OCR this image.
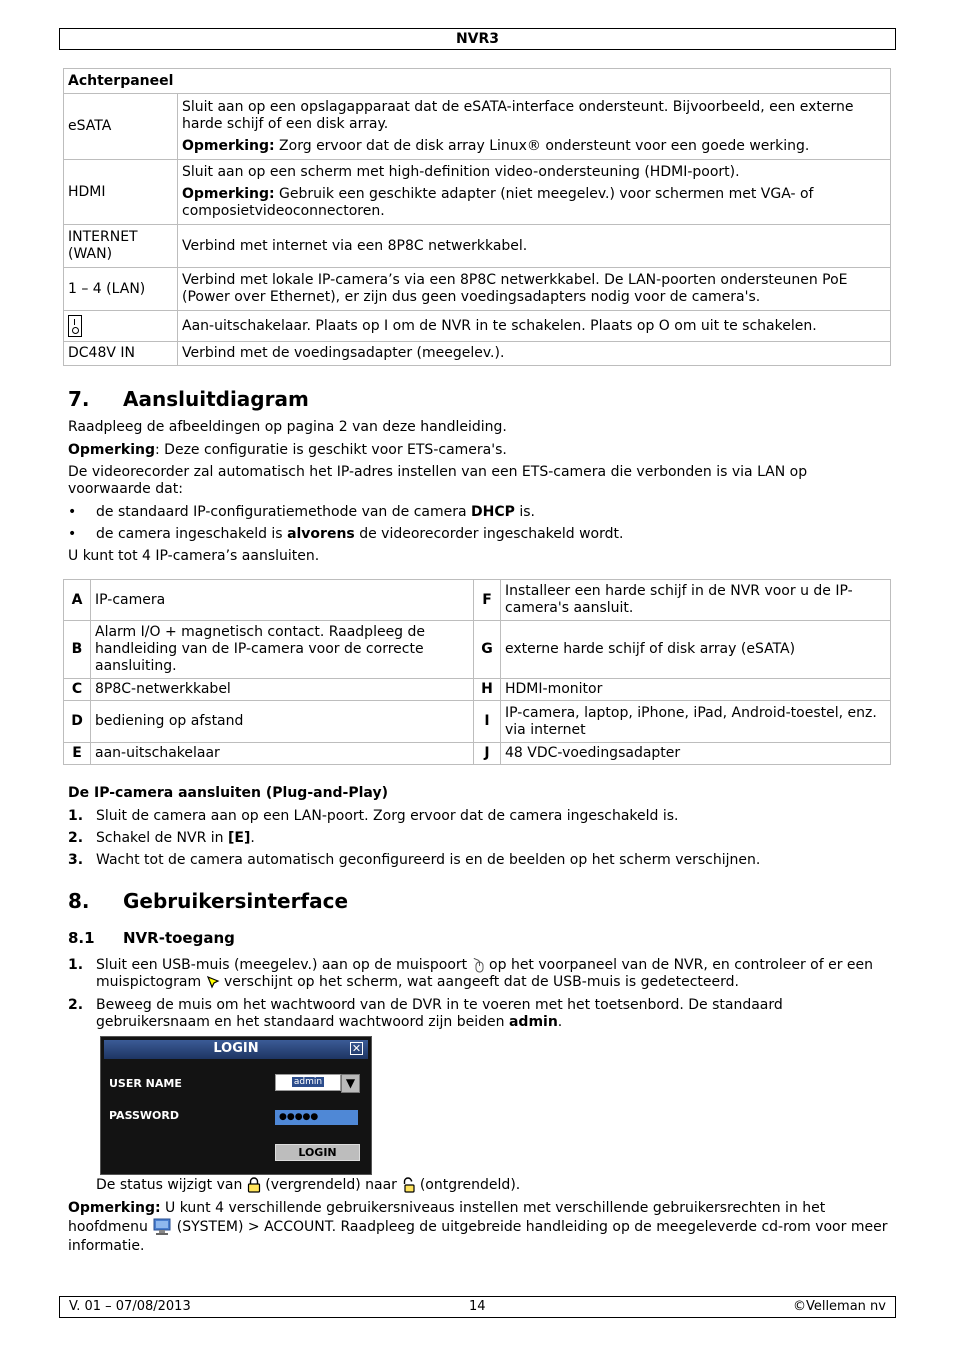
NVR3
Achterpaneel	
eSATA	Sluit aan op een opslagapparaat dat de eSATA-interface ondersteunt. Bijvoorbeeld, een externe harde schijf of een disk array.

Opmerking: Zorg ervoor dat de disk array Linux® ondersteunt voor een goede werking.

HDMI	Sluit aan op een scherm met high-definition video-ondersteuning (HDMI-poort).

Opmerking: Gebruik een geschikte adapter (niet meegelev.) voor schermen met VGA- of composietvideoconnectoren.

INTERNET (WAN)	Verbind met internet via een 8P8C netwerkkabel.
1 – 4 (LAN)	Verbind met lokale IP-camera’s via een 8P8C netwerkkabel. De LAN-poorten ondersteunen PoE (Power over Ethernet), er zijn dus geen voedingsadapters nodig voor de camera's.

	Aan-uitschakelaar. Plaats op I om de NVR in te schakelen. Plaats op O om uit te schakelen.
DC48V IN	Verbind met de voedingsadapter (meegelev.).
7. Aansluitdiagram
Raadpleeg de afbeeldingen op pagina 2 van deze handleiding.
Opmerking: Deze configuratie is geschikt voor ETS-camera's.
De videorecorder zal automatisch het IP-adres instellen van een ETS-camera die verbonden is via LAN op voorwaarde dat:
• de standaard IP-configuratiemethode van de camera DHCP is.
• de camera ingeschakeld is alvorens de videorecorder ingeschakeld wordt.
U kunt tot 4 IP-camera’s aansluiten.
A	IP-camera	F	Installeer een harde schijf in de NVR voor u de IP-camera's aansluit.
B	Alarm I/O + magnetisch contact. Raadpleeg de handleiding van de IP-camera voor de correcte aansluiting.	G	externe harde schijf of disk array (eSATA)
C	8P8C-netwerkkabel	H	HDMI-monitor
D	bediening op afstand	I	IP-camera, laptop, iPhone, iPad, Android-toestel, enz. via internet
E	aan-uitschakelaar	J	48 VDC-voedingsadapter
De IP-camera aansluiten (Plug-and-Play)
1. Sluit de camera aan op een LAN-poort. Zorg ervoor dat de camera ingeschakeld is.
2. Schakel de NVR in [E].
3. Wacht tot de camera automatisch geconfigureerd is en de beelden op het scherm verschijnen.
8. Gebruikersinterface
8.1 NVR-toegang
1. Sluit een USB-muis (meegelev.) aan op de muispoort  op het voorpaneel van de NVR, en controleer of er een muispictogram  verschijnt op het scherm, wat aangeeft dat de USB-muis is gedetecteerd.
2. Beweeg de muis om het wachtwoord van de DVR in te voeren met het toetsenbord. De standaard gebruikersnaam en het standaard wachtwoord zijn beiden admin.
LOGIN	✕
USER NAME	admin	▼
PASSWORD	●●●●●
LOGIN
De status wijzigt van  (vergrendeld) naar  (ontgrendeld).
Opmerking: U kunt 4 verschillende gebruikersniveaus instellen met verschillende gebruikersrechten in het hoofdmenu  (SYSTEM) > ACCOUNT. Raadpleeg de uitgebreide handleiding op de meegeleverde cd-rom voor meer informatie.
V. 01 – 07/08/2013	14	©Velleman nv
